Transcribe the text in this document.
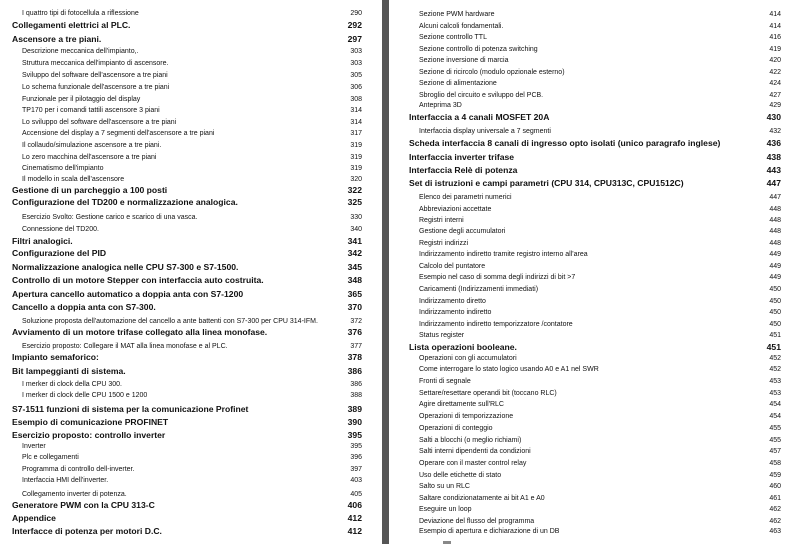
I quattro tipi di fotocellula a riflessione	290
Collegamenti elettrici al PLC.	292
Ascensore a tre piani.	297
Descrizione meccanica dell'impianto,.	303
Struttura meccanica dell'impianto di ascensore.	303
Sviluppo del software dell'ascensore a tre piani	305
Lo schema funzionale dell'ascensore a tre piani	306
Funzionale per il pilotaggio del display	308
TP170 per i comandi tattili ascensore 3 piani	314
Lo sviluppo del software dell'ascensore a tre piani	314
Accensione del display a 7 segmenti dell'ascensore a tre piani	317
Il collaudo/simulazione ascensore a tre piani.	319
Lo zero macchina dell'ascensore a tre piani	319
Cinematismo dell'impianto	319
Il modello in scala dell'ascensore	320
Gestione di un parcheggio a 100 posti	322
Configurazione del TD200 e normalizzazione analogica.	325
Esercizio Svolto: Gestione carico e scarico di una vasca.	330
Connessione del TD200.	340
Filtri analogici.	341
Configurazione del PID	342
Normalizzazione analogica nelle CPU S7-300 e S7-1500.	345
Controllo di un motore Stepper con interfaccia auto costruita.	348
Apertura cancello automatico a doppia anta con S7-1200	365
Cancello a doppia anta con S7-300.	370
Soluzione proposta dell'automazione del cancello a ante battenti con S7-300 per CPU 314-IFM.	372
Avviamento di un motore trifase collegato alla linea monofase.	376
Esercizio proposto: Collegare il MAT alla linea monofase e al PLC.	377
Impianto semaforico:	378
Bit lampeggianti di sistema.	386
I merker di clock della CPU 300.	386
I merker di clock delle CPU 1500 e 1200	388
S7-1511 funzioni di sistema per la comunicazione Profinet	389
Esempio di comunicazione PROFINET	390
Esercizio proposto: controllo inverter	395
Inverter	395
Plc e collegamenti	396
Programma di controllo dell-inverter.	397
Interfaccia HMI dell'inverter.	403
Collegamento inverter di potenza.	405
Generatore PWM con la CPU 313-C	406
Appendice	412
Interfacce di potenza per motori D.C.	412
Sezione PWM hardware	414
Alcuni calcoli fondamentali.	414
Sezione controllo TTL	416
Sezione controllo di potenza switching	419
Sezione inversione di marcia	420
Sezione di ricircolo (modulo opzionale esterno)	422
Sezione di alimentazione	424
Sbroglio del circuito e sviluppo del PCB.	427
Anteprima 3D	429
Interfaccia a 4 canali MOSFET 20A	430
Interfaccia display universale a 7 segmenti	432
Scheda interfaccia 8 canali di ingresso opto isolati (unico paragrafo inglese)	436
Interfaccia inverter trifase	438
Interfaccia Relè di potenza	443
Set di istruzioni e campi parametri (CPU 314, CPU313C, CPU1512C)	447
Elenco dei parametri numerici	447
Abbreviazioni accettate	448
Registri interni	448
Gestione degli accumulatori	448
Registri indirizzi	448
Indirizzamento indiretto tramite registro interno all'area	449
Calcolo del puntatore	449
Esempio nel caso di somma degli indirizzi di bit >7	449
Caricamenti (Indirizzamenti immediati)	450
Indirizzamento diretto	450
Indirizzamento indiretto	450
Indirizzamento indiretto temporizzatore /contatore	450
Status register	451
Lista operazioni booleane.	451
Operazioni con gli accumulatori	452
Come interrogare lo stato logico usando A0 e A1 nel SWR	452
Fronti di segnale	453
Settare/resettare operandi bit (toccano RLC)	453
Agire direttamente sull'RLC	454
Operazioni di temporizzazione	454
Operazioni di conteggio	455
Salti a blocchi (o meglio richiami)	455
Salti interni dipendenti da condizioni	457
Operare con il master control relay	458
Uso delle etichette di stato	459
Salto su un RLC	460
Saltare condizionatamente ai bit A1 e A0	461
Eseguire un loop	462
Deviazione del flusso del programma	462
Esempio di apertura e dichiarazione di un DB	463
